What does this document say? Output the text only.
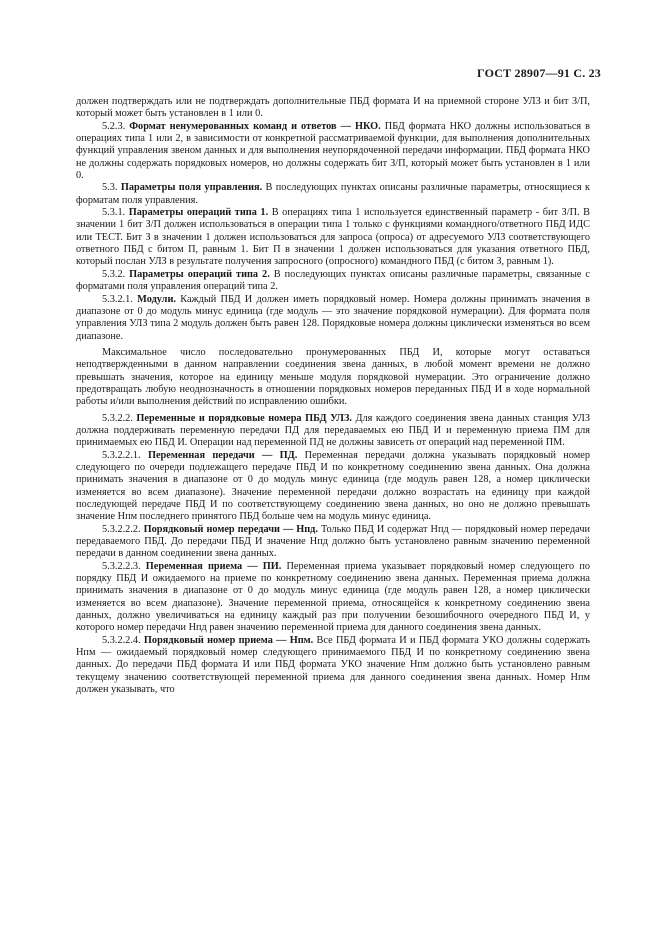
ГОСТ 28907—91 С. 23

должен подтверждать или не подтверждать дополнительные ПБД формата И на приемной стороне УЛЗ и бит З/П, который может быть установлен в 1 или 0.

5.2.3. Формат ненумерованных команд и ответов — НКО. ПБД формата НКО должны использоваться в операциях типа 1 или 2, в зависимости от конкретной рассматриваемой функции, для выполнения дополнительных функций управления звеном данных и для выполнения неупорядоченной передачи информации. ПБД формата НКО не должны содержать порядковых номеров, но должны содержать бит З/П, который может быть установлен в 1 или 0.

5.3. Параметры поля управления. В последующих пунктах описаны различные параметры, относящиеся к форматам поля управления.

5.3.1. Параметры операций типа 1. В операциях типа 1 используется единственный параметр - бит З/П. В значении 1 бит З/П должен использоваться в операции типа 1 только с функциями командного/ответного ПБД ИДС или ТЕСТ. Бит З в значении 1 должен использоваться для запроса (опроса) от адресуемого УЛЗ соответствующего ответного ПБД с битом П, равным 1. Бит П в значении 1 должен использоваться для указания ответного ПБД, который послан УЛЗ в результате получения запросного (опросного) командного ПБД (с битом З, равным 1).

5.3.2. Параметры операций типа 2. В последующих пунктах описаны различные параметры, связанные с форматами поля управления операций типа 2.

5.3.2.1. Модули. Каждый ПБД И должен иметь порядковый номер. Номера должны принимать значения в диапазоне от 0 до модуль минус единица (где модуль — это значение порядковой нумерации). Для формата поля управления УЛЗ типа 2 модуль должен быть равен 128. Порядковые номера должны циклически изменяться во всем диапазоне.

Максимальное число последовательно пронумерованных ПБД И, которые могут оставаться неподтвержденными в данном направлении соединения звена данных, в любой момент времени не должно превышать значения, которое на единицу меньше модуля порядковой нумерации. Это ограничение должно предотвращать любую неоднозначность в отношении порядковых номеров переданных ПБД И в ходе нормальной работы и/или выполнения действий по исправлению ошибки.

5.3.2.2. Переменные и порядковые номера ПБД УЛЗ. Для каждого соединения звена данных станция УЛЗ должна поддерживать переменную передачи ПД для передаваемых ею ПБД И и переменную приема ПМ для принимаемых ею ПБД И. Операции над переменной ПД не должны зависеть от операций над переменной ПМ.

5.3.2.2.1. Переменная передачи — ПД. Переменная передачи должна указывать порядковый номер следующего по очереди подлежащего передаче ПБД И по конкретному соединению звена данных. Она должна принимать значения в диапазоне от 0 до модуль минус единица (где модуль равен 128, а номер циклически изменяется во всем диапазоне). Значение переменной передачи должно возрастать на единицу при каждой последующей передаче ПБД И по соответствующему соединению звена данных, но оно не должно превышать значение Нпм последнего принятого ПБД больше чем на модуль минус единица.

5.3.2.2.2. Порядковый номер передачи — Нпд. Только ПБД И содержат Нпд — порядковый номер передачи передаваемого ПБД. До передачи ПБД И значение Нпд должно быть установлено равным значению переменной передачи в данном соединении звена данных.

5.3.2.2.3. Переменная приема — ПИ. Переменная приема указывает порядковый номер следующего по порядку ПБД И ожидаемого на приеме по конкретному соединению звена данных. Переменная приема должна принимать значения в диапазоне от 0 до модуль минус единица (где модуль равен 128, а номер циклически изменяется во всем диапазоне). Значение переменной приема, относящейся к конкретному соединению звена данных, должно увеличиваться на единицу каждый раз при получении безошибочного очередного ПБД И, у которого номер передачи Нпд равен значению переменной приема для данного соединения звена данных.

5.3.2.2.4. Порядковый номер приема — Нпм. Все ПБД формата И и ПБД формата УКО должны содержать Нпм — ожидаемый порядковый номер следующего принимаемого ПБД И по конкретному соединению звена данных. До передачи ПБД формата И или ПБД формата УКО значение Нпм должно быть установлено равным текущему значению соответствующей переменной приема для данного соединения звена данных. Номер Нпм должен указывать, что
